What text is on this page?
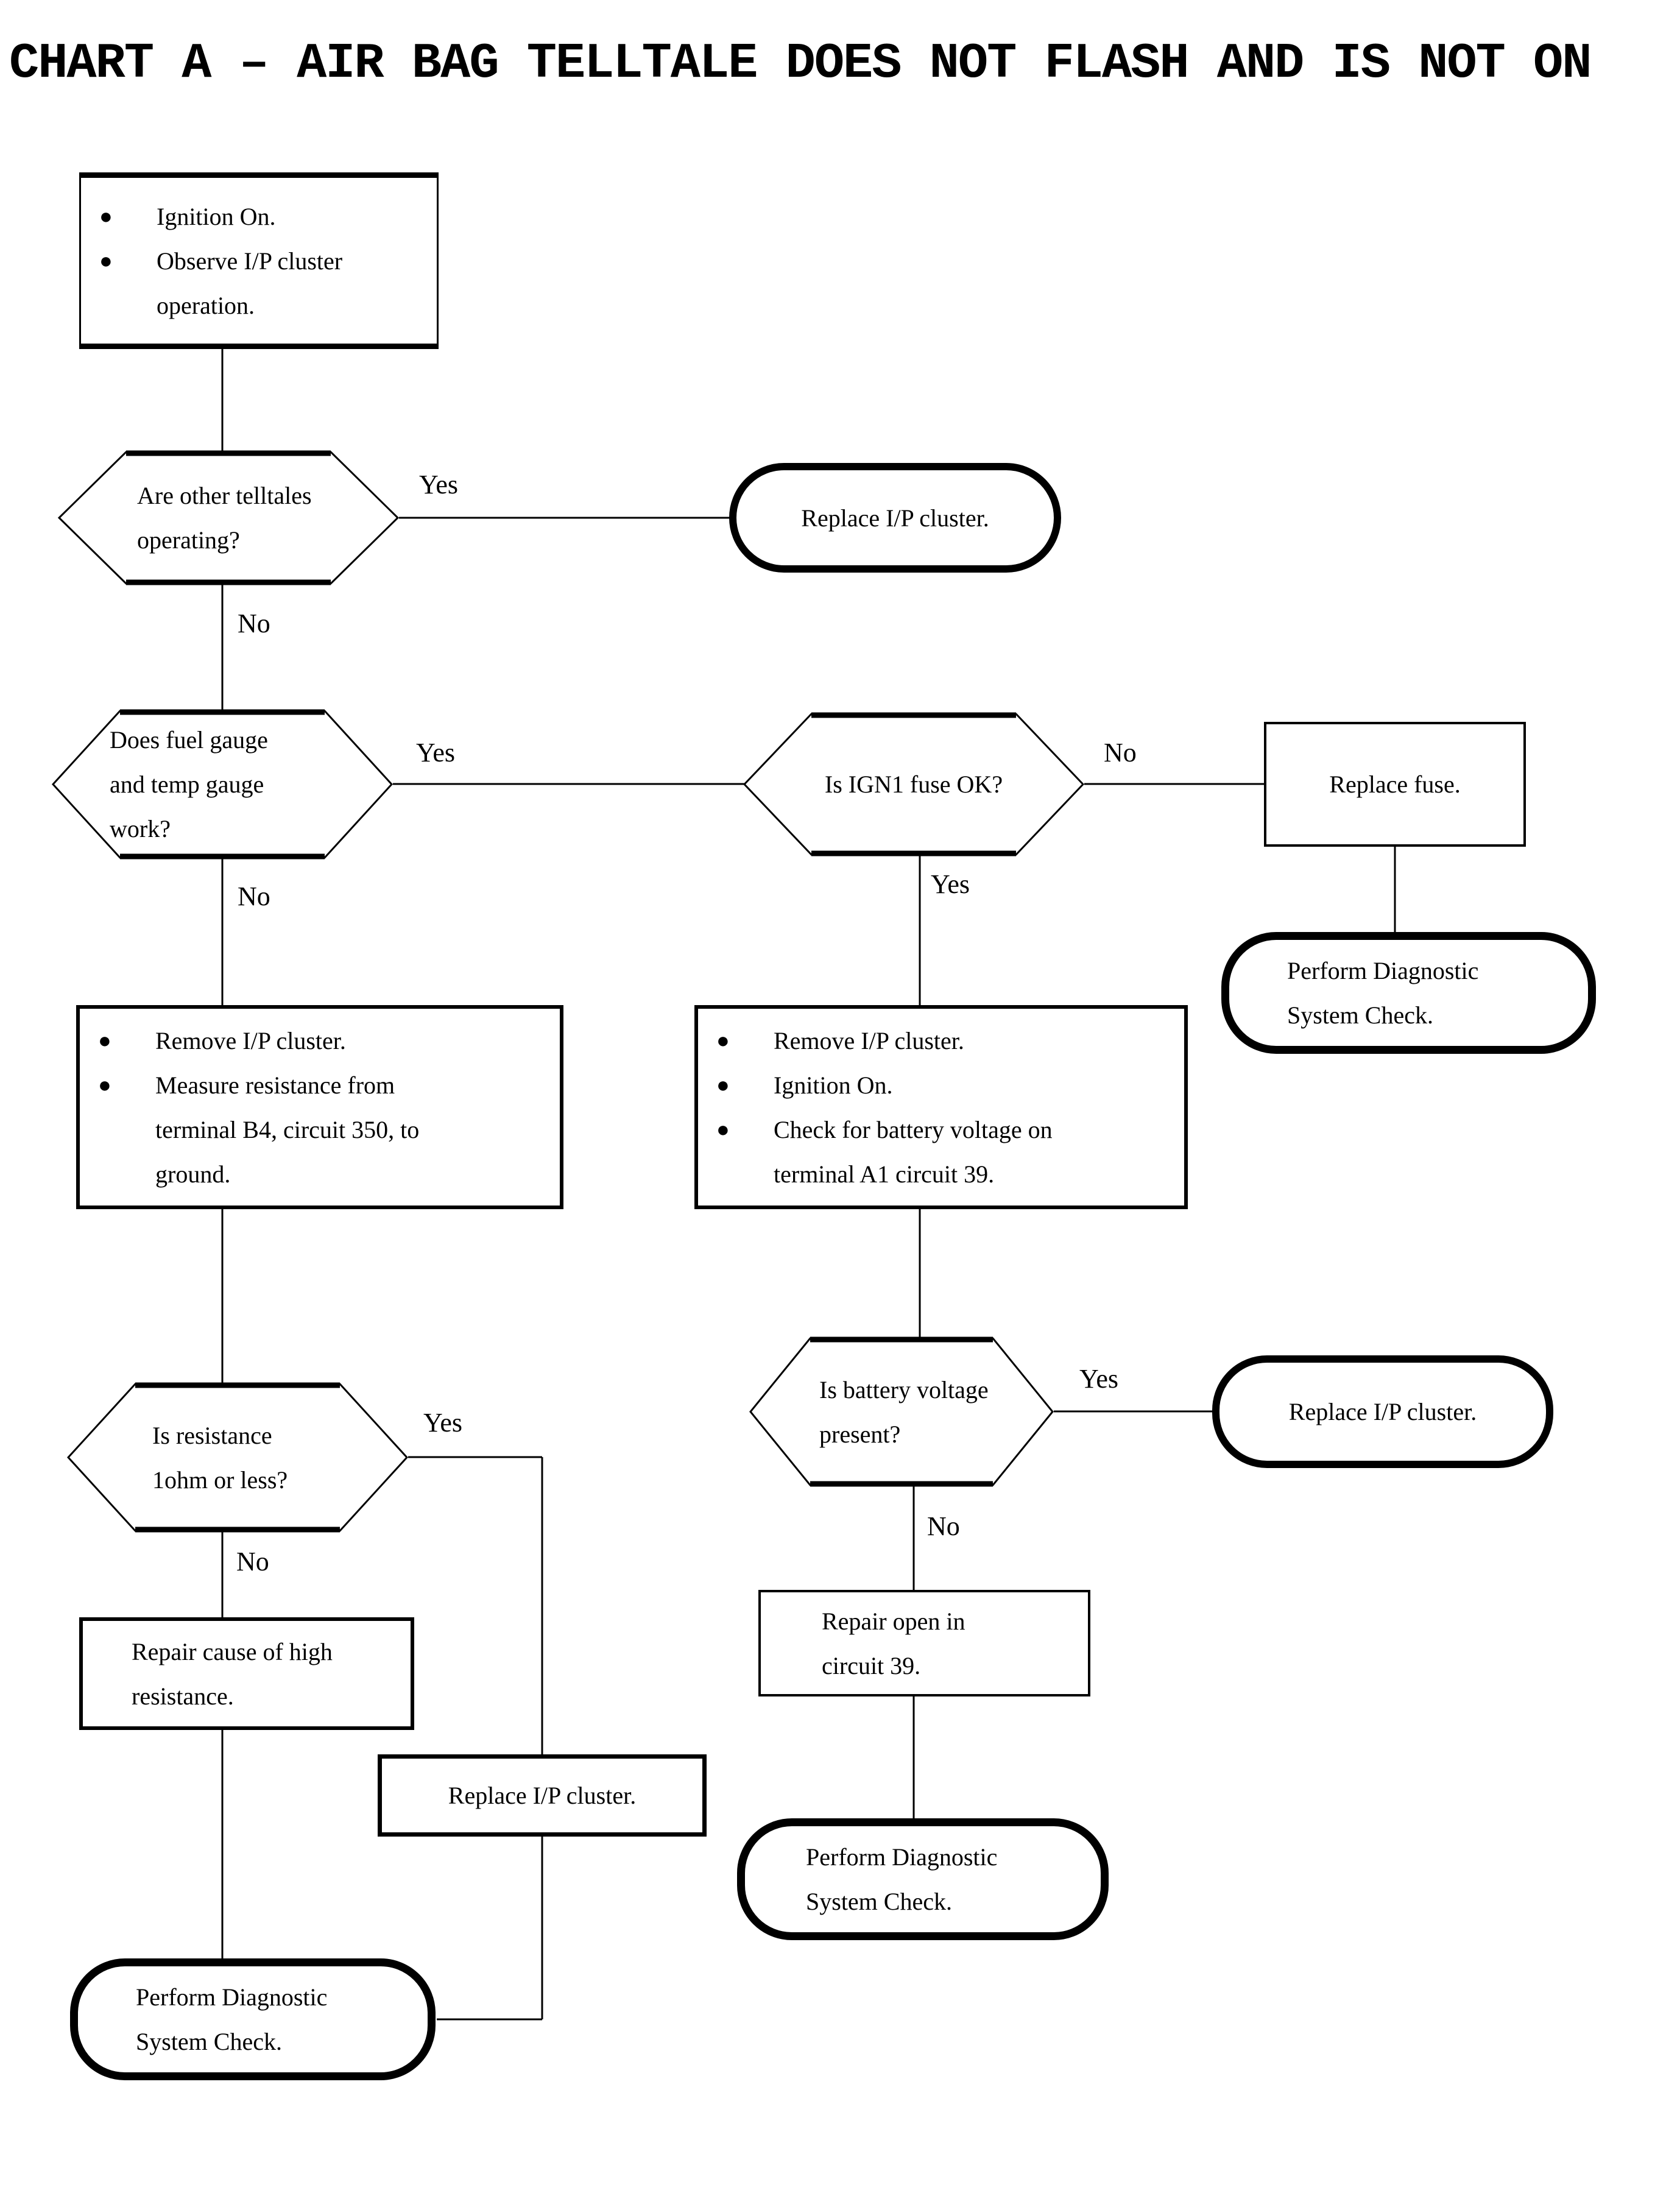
CHART A – AIR BAG TELLTALE DOES NOT FLASH AND IS NOT ON
●	Ignition On.
●	Observe I/P cluster operation.
Are other telltales operating?
Replace I/P cluster.
Does fuel gauge and temp gauge work?
Is IGN1 fuse OK?	Replace fuse.
Perform Diagnostic System Check.
●	Remove I/P cluster.
●	Measure resistance from terminal B4, circuit 350, to ground.
●	Remove I/P cluster.
●	Ignition On.
●	Check for battery voltage on terminal A1 circuit 39.
Is resistance 1ohm or less?
Repair cause of high resistance.
Replace I/P cluster.
Perform Diagnostic System Check.
Is battery voltage present?
Replace I/P cluster.
Repair open in circuit 39.
Perform Diagnostic System Check.
Yes
No
Yes	No
Yes
No
Yes
No
Yes
No
